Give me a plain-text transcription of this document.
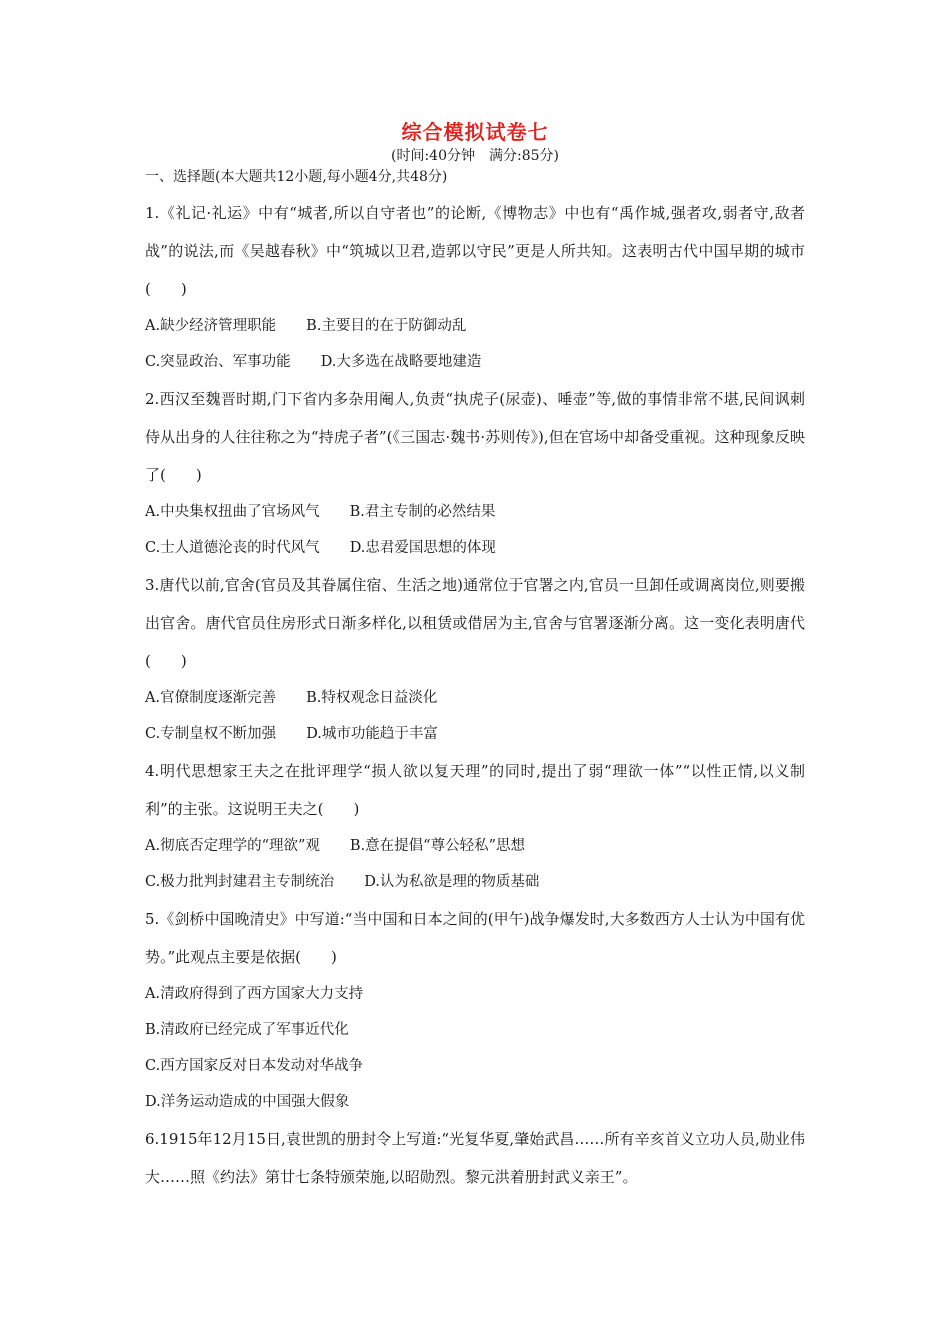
综合模拟试卷七

(时间:40分钟　满分:85分)

一、选择题(本大题共12小题,每小题4分,共48分)

1.《礼记·礼运》中有“城者,所以自守者也”的论断,《博物志》中也有“禹作城,强者攻,弱者守,敌者战”的说法,而《吴越春秋》中“筑城以卫君,造郭以守民”更是人所共知。这表明古代中国早期的城市(　　)

A.缺少经济管理职能 B.主要目的在于防御动乱

C.突显政治、军事功能 D.大多选在战略要地建造

2.西汉至魏晋时期,门下省内多杂用阉人,负责“执虎子(尿壶)、唾壶”等,做的事情非常不堪,民间讽刺侍从出身的人往往称之为“持虎子者”(《三国志·魏书·苏则传》),但在官场中却备受重视。这种现象反映了(　　)

A.中央集权扭曲了官场风气 B.君主专制的必然结果

C.士人道德沦丧的时代风气 D.忠君爱国思想的体现

3.唐代以前,官舍(官员及其眷属住宿、生活之地)通常位于官署之内,官员一旦卸任或调离岗位,则要搬出官舍。唐代官员住房形式日渐多样化,以租赁或借居为主,官舍与官署逐渐分离。这一变化表明唐代(　　)

A.官僚制度逐渐完善 B.特权观念日益淡化

C.专制皇权不断加强 D.城市功能趋于丰富

4.明代思想家王夫之在批评理学“损人欲以复天理”的同时,提出了弱“理欲一体”“以性正情,以义制利”的主张。这说明王夫之(　　)

A.彻底否定理学的“理欲”观 B.意在提倡“尊公轻私”思想

C.极力批判封建君主专制统治 D.认为私欲是理的物质基础

5.《剑桥中国晚清史》中写道:“当中国和日本之间的(甲午)战争爆发时,大多数西方人士认为中国有优势。”此观点主要是依据(　　)

A.清政府得到了西方国家大力支持

B.清政府已经完成了军事近代化

C.西方国家反对日本发动对华战争

D.洋务运动造成的中国强大假象

6.1915年12月15日,袁世凯的册封令上写道:“光复华夏,肇始武昌……所有辛亥首义立功人员,勋业伟大……照《约法》第廿七条特颁荣施,以昭勋烈。黎元洪着册封武义亲王”。
